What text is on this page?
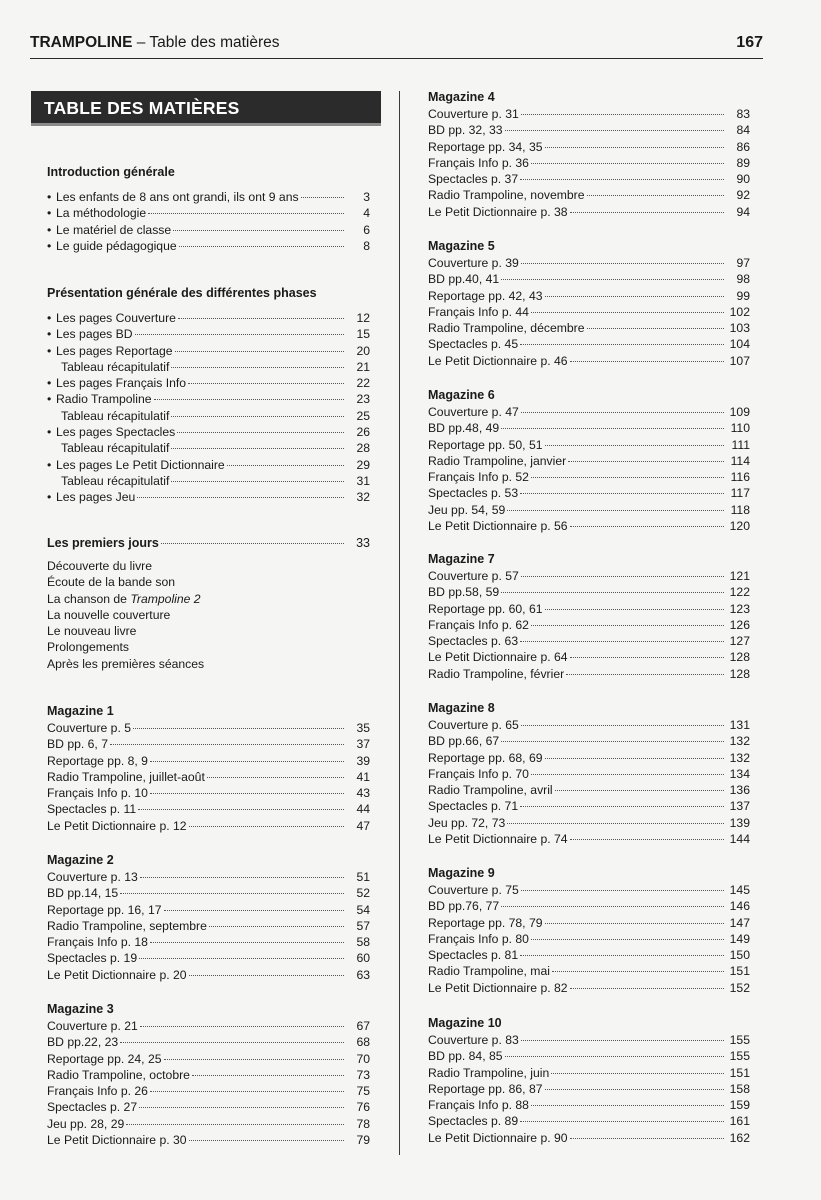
TRAMPOLINE – Table des matières	167
TABLE DES MATIÈRES
Introduction générale
• Les enfants de 8 ans ont grandi, ils ont 9 ans	3
• La méthodologie	4
• Le matériel de classe	6
• Le guide pédagogique	8
Présentation générale des différentes phases
• Les pages Couverture	12
• Les pages BD	15
• Les pages Reportage	20
Tableau récapitulatif	21
• Les pages Français Info	22
• Radio Trampoline	23
Tableau récapitulatif	25
• Les pages Spectacles	26
Tableau récapitulatif	28
• Les pages Le Petit Dictionnaire	29
Tableau récapitulatif	31
• Les pages Jeu	32
Les premiers jours	33
Découverte du livre
Écoute de la bande son
La chanson de Trampoline 2
La nouvelle couverture
Le nouveau livre
Prolongements
Après les premières séances
Magazine 1
Couverture p. 5	35
BD pp. 6, 7	37
Reportage pp. 8, 9	39
Radio Trampoline, juillet-août	41
Français Info p. 10	43
Spectacles p. 11	44
Le Petit Dictionnaire p. 12	47
Magazine 2
Couverture p. 13	51
BD pp.14, 15	52
Reportage pp. 16, 17	54
Radio Trampoline, septembre	57
Français Info p. 18	58
Spectacles p. 19	60
Le Petit Dictionnaire p. 20	63
Magazine 3
Couverture p. 21	67
BD pp.22, 23	68
Reportage pp. 24, 25	70
Radio Trampoline, octobre	73
Français Info p. 26	75
Spectacles p. 27	76
Jeu pp. 28, 29	78
Le Petit Dictionnaire p. 30	79
Magazine 4
Couverture p. 31	83
BD pp. 32, 33	84
Reportage pp. 34, 35	86
Français Info p. 36	89
Spectacles p. 37	90
Radio Trampoline, novembre	92
Le Petit Dictionnaire p. 38	94
Magazine 5
Couverture p. 39	97
BD pp.40, 41	98
Reportage pp. 42, 43	99
Français Info p. 44	102
Radio Trampoline, décembre	103
Spectacles p. 45	104
Le Petit Dictionnaire p. 46	107
Magazine 6
Couverture p. 47	109
BD pp.48, 49	110
Reportage pp. 50, 51	111
Radio Trampoline, janvier	114
Français Info p. 52	116
Spectacles p. 53	117
Jeu pp. 54, 59	118
Le Petit Dictionnaire p. 56	120
Magazine 7
Couverture p. 57	121
BD pp.58, 59	122
Reportage pp. 60, 61	123
Français Info p. 62	126
Spectacles p. 63	127
Le Petit Dictionnaire p. 64	128
Radio Trampoline, février	128
Magazine 8
Couverture p. 65	131
BD pp.66, 67	132
Reportage pp. 68, 69	132
Français Info p. 70	134
Radio Trampoline, avril	136
Spectacles p. 71	137
Jeu pp. 72, 73	139
Le Petit Dictionnaire p. 74	144
Magazine 9
Couverture p. 75	145
BD pp.76, 77	146
Reportage pp. 78, 79	147
Français Info p. 80	149
Spectacles p. 81	150
Radio Trampoline, mai	151
Le Petit Dictionnaire p. 82	152
Magazine 10
Couverture p. 83	155
BD pp. 84, 85	155
Radio Trampoline, juin	151
Reportage pp. 86, 87	158
Français Info p. 88	159
Spectacles p. 89	161
Le Petit Dictionnaire p. 90	162
